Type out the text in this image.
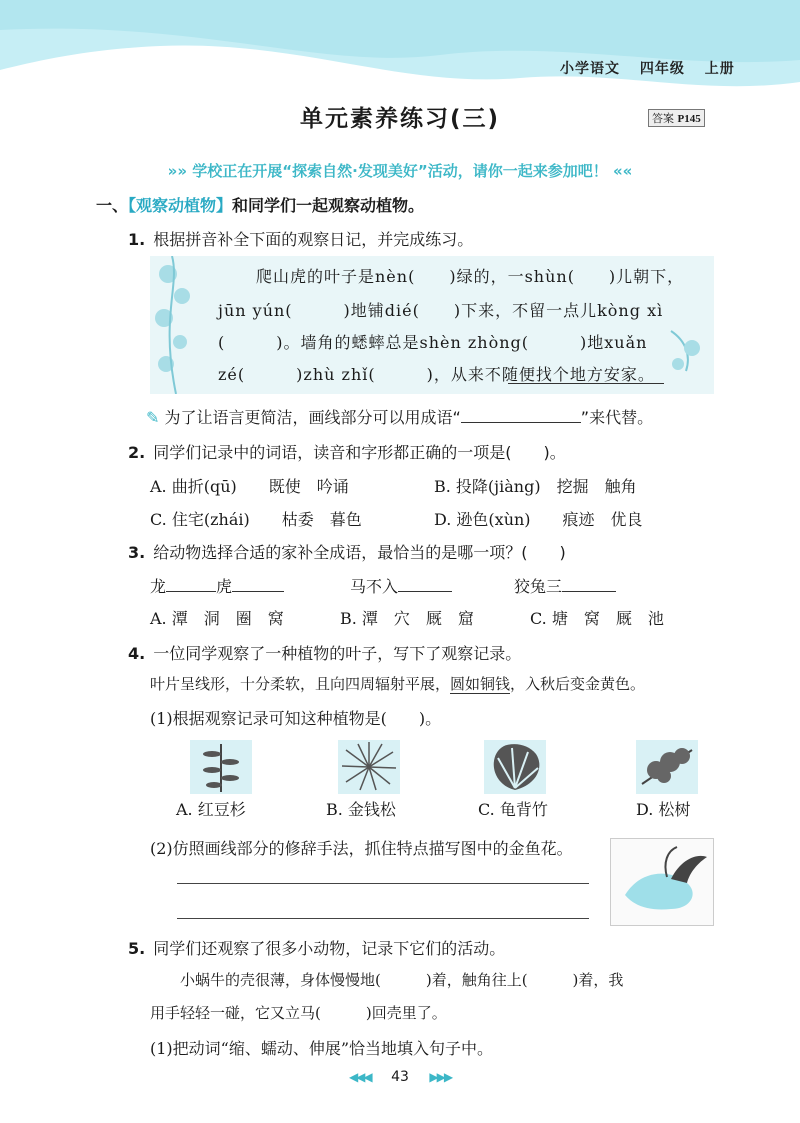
小学语文 四年级 上册
单元素养练习(三)	答案 P145
»» 学校正在开展“探索自然·发现美好”活动，请你一起来参加吧！ ««
一、【观察动植物】和同学们一起观察动植物。
1. 根据拼音补全下面的观察日记，并完成练习。
爬山虎的叶子是nèn(　　)绿的，一shùn(　　)儿朝下，
jūn yún(　　　)地铺dié(　　)下来，不留一点儿kòng xì
(　　　)。墙角的蟋蟀总是shèn zhòng(　　　)地xuǎn
zé(　　　)zhù zhǐ(　　　)，从来不随便找个地方安家。
✎ 为了让语言更简洁，画线部分可以用成语“	”来代替。
2. 同学们记录中的词语，读音和字形都正确的一项是(　　)。
A. 曲折(qū)　　既使　吟诵	B. 投降(jiàng)　挖掘　触角
C. 住宅(zhái)　　枯委　暮色	D. 逊色(xùn)　　痕迹　优良
3. 给动物选择合适的家补全成语，最恰当的是哪一项？(　　)
龙	虎	马不入	狡兔三
A. 潭　洞　圈　窝	B. 潭　穴　厩　窟	C. 塘　窝　厩　池
4. 一位同学观察了一种植物的叶子，写下了观察记录。
叶片呈线形，十分柔软，且向四周辐射平展，圆如铜钱，入秋后变金黄色。
(1)根据观察记录可知这种植物是(　　)。
A. 红豆杉	B. 金钱松	C. 龟背竹	D. 松树
(2)仿照画线部分的修辞手法，抓住特点描写图中的金鱼花。
5. 同学们还观察了很多小动物，记录下它们的活动。
小蜗牛的壳很薄，身体慢慢地(　　　)着，触角往上(　　　)着，我
用手轻轻一碰，它又立马(　　　)回壳里了。
(1)把动词“缩、蠕动、伸展”恰当地填入句子中。
◀◀◀ 43 ▶▶▶
